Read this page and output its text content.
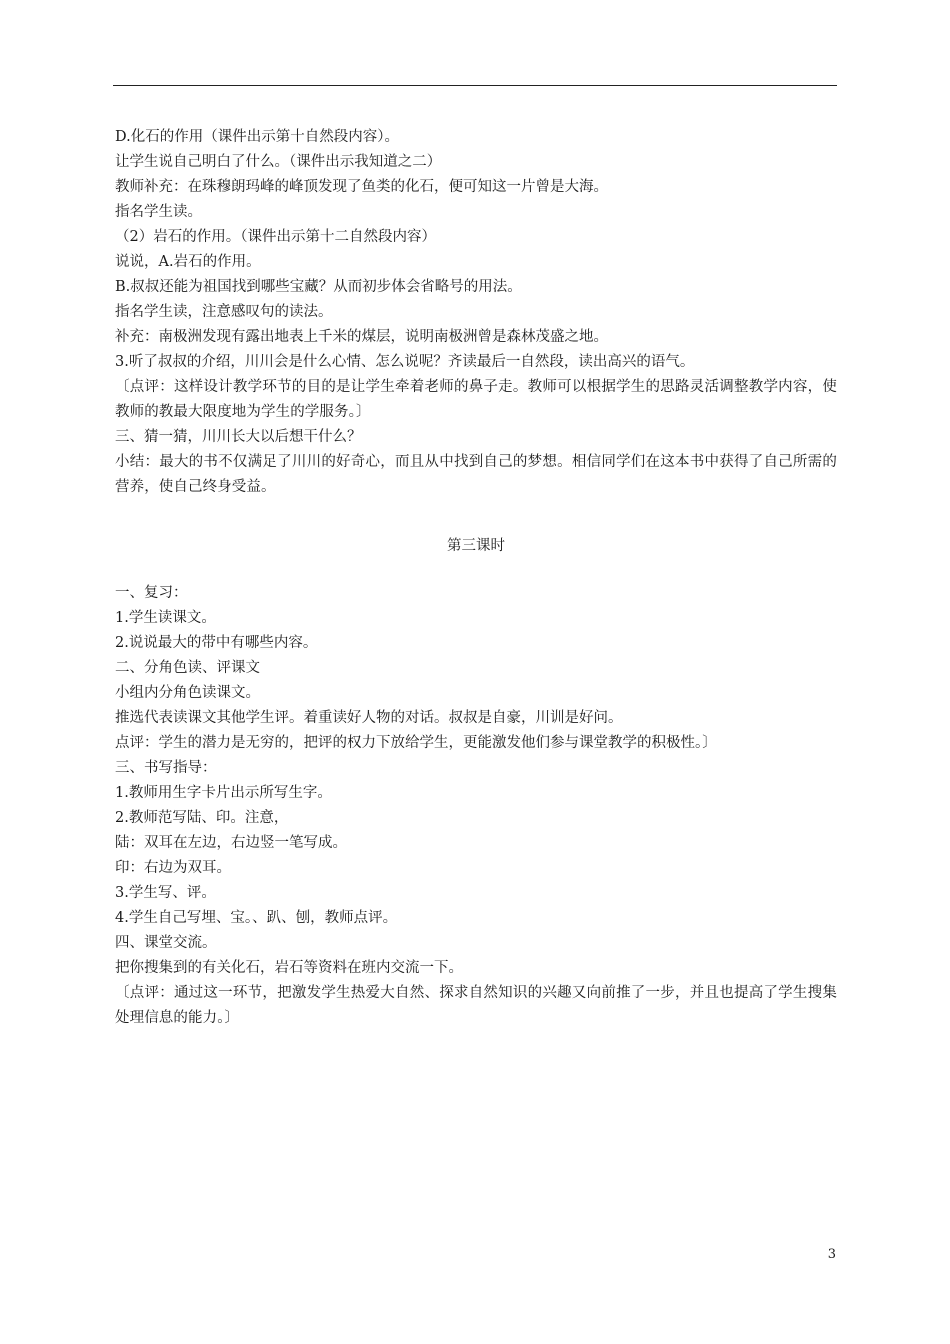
D.化石的作用（课件出示第十自然段内容）。
让学生说自己明白了什么。（课件出示我知道之二）
教师补充：在珠穆朗玛峰的峰顶发现了鱼类的化石，便可知这一片曾是大海。
指名学生读。
（2）岩石的作用。（课件出示第十二自然段内容）
说说，A.岩石的作用。
B.叔叔还能为祖国找到哪些宝藏？从而初步体会省略号的用法。
指名学生读，注意感叹句的读法。
补充：南极洲发现有露出地表上千米的煤层，说明南极洲曾是森林茂盛之地。
3.听了叔叔的介绍，川川会是什么心情、怎么说呢？齐读最后一自然段，读出高兴的语气。
〔点评：这样设计教学环节的目的是让学生牵着老师的鼻子走。教师可以根据学生的思路灵活调整教学内容，使教师的教最大限度地为学生的学服务。〕
三、猜一猜，川川长大以后想干什么？
小结：最大的书不仅满足了川川的好奇心，而且从中找到自己的梦想。相信同学们在这本书中获得了自己所需的营养，使自己终身受益。
第三课时
一、复习：
1.学生读课文。
2.说说最大的带中有哪些内容。
二、分角色读、评课文
小组内分角色读课文。
推选代表读课文其他学生评。着重读好人物的对话。叔叔是自豪，川训是好问。
点评：学生的潜力是无穷的，把评的权力下放给学生，更能激发他们参与课堂教学的积极性。〕
三、书写指导：
1.教师用生字卡片出示所写生字。
2.教师范写陆、印。注意，
陆：双耳在左边，右边竖一笔写成。
印：右边为双耳。
3.学生写、评。
4.学生自己写埋、宝。、趴、刨，教师点评。
四、课堂交流。
把你搜集到的有关化石，岩石等资料在班内交流一下。
〔点评：通过这一环节，把激发学生热爱大自然、探求自然知识的兴趣又向前推了一步，并且也提高了学生搜集处理信息的能力。〕
3
